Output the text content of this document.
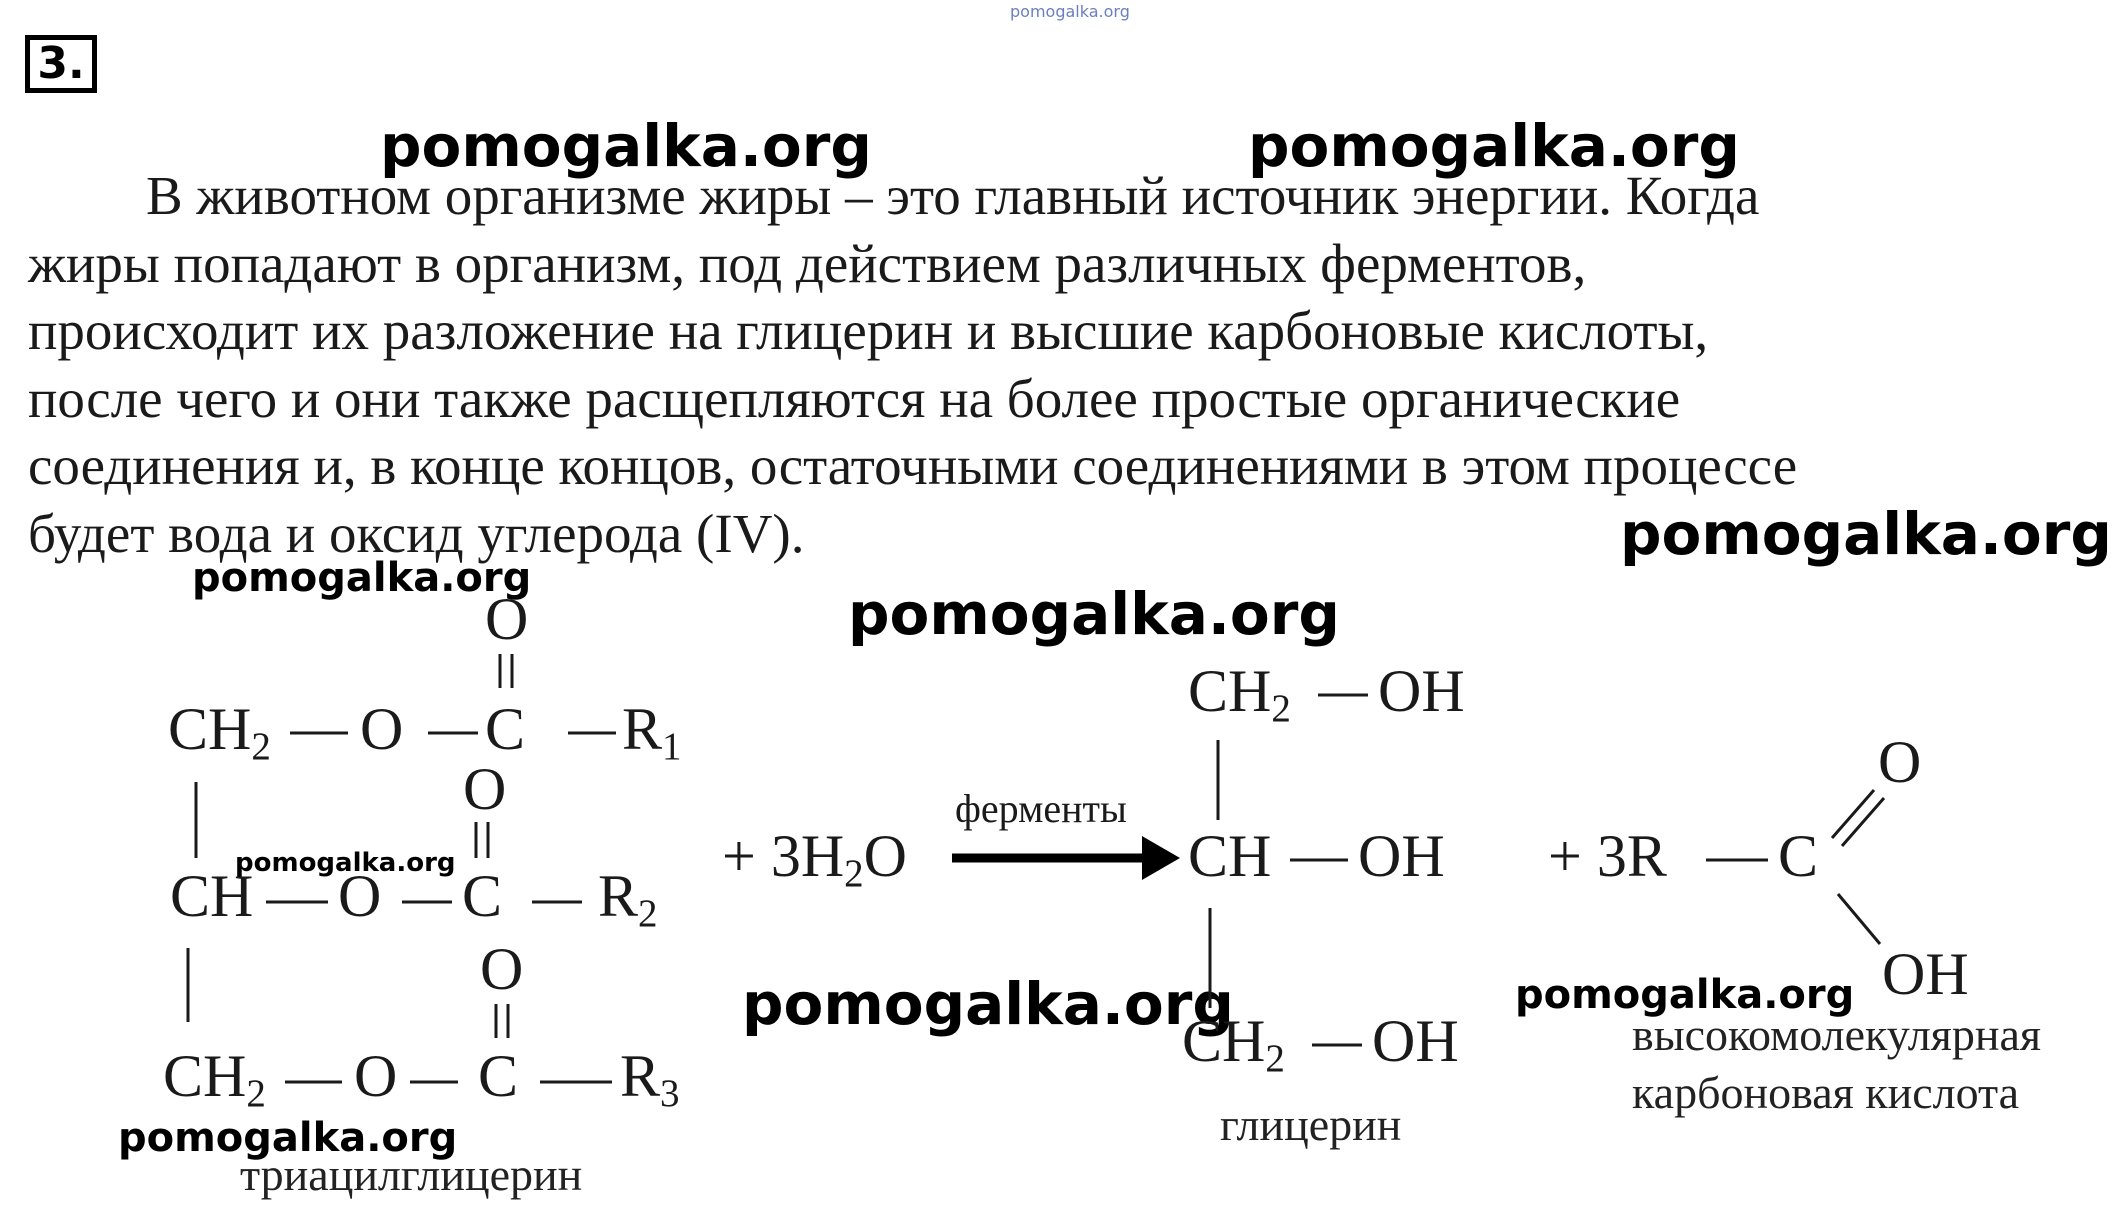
pomogalka.org
pomogalka.org	pomogalka.org
pomogalka.org
pomogalka.org
pomogalka.org
pomogalka.org
pomogalka.org	pomogalka.org
pomogalka.org
3.
В животном организме жиры – это главный источник энергии. Когда
жиры попадают в организм, под действием различных ферментов,
происходит их разложение на глицерин и высшие карбоновые кислоты,
после чего и они также расщепляются на более простые органические
соединения и, в конце концов, остаточными соединениями в этом процессе
будет вода и оксид углерода (IV).
$CH_2$ O C
O
$R_1$
O
CH O C $R_2$
O
$CH_2$ O C $R_3$
триацилглицерин
+ $3H_2O$
ферменты
$CH_2$ OH
CH OH
$CH_2$ OH
глицерин
+ 3R C
O
OH
высокомолекулярная
карбоновая кислота
